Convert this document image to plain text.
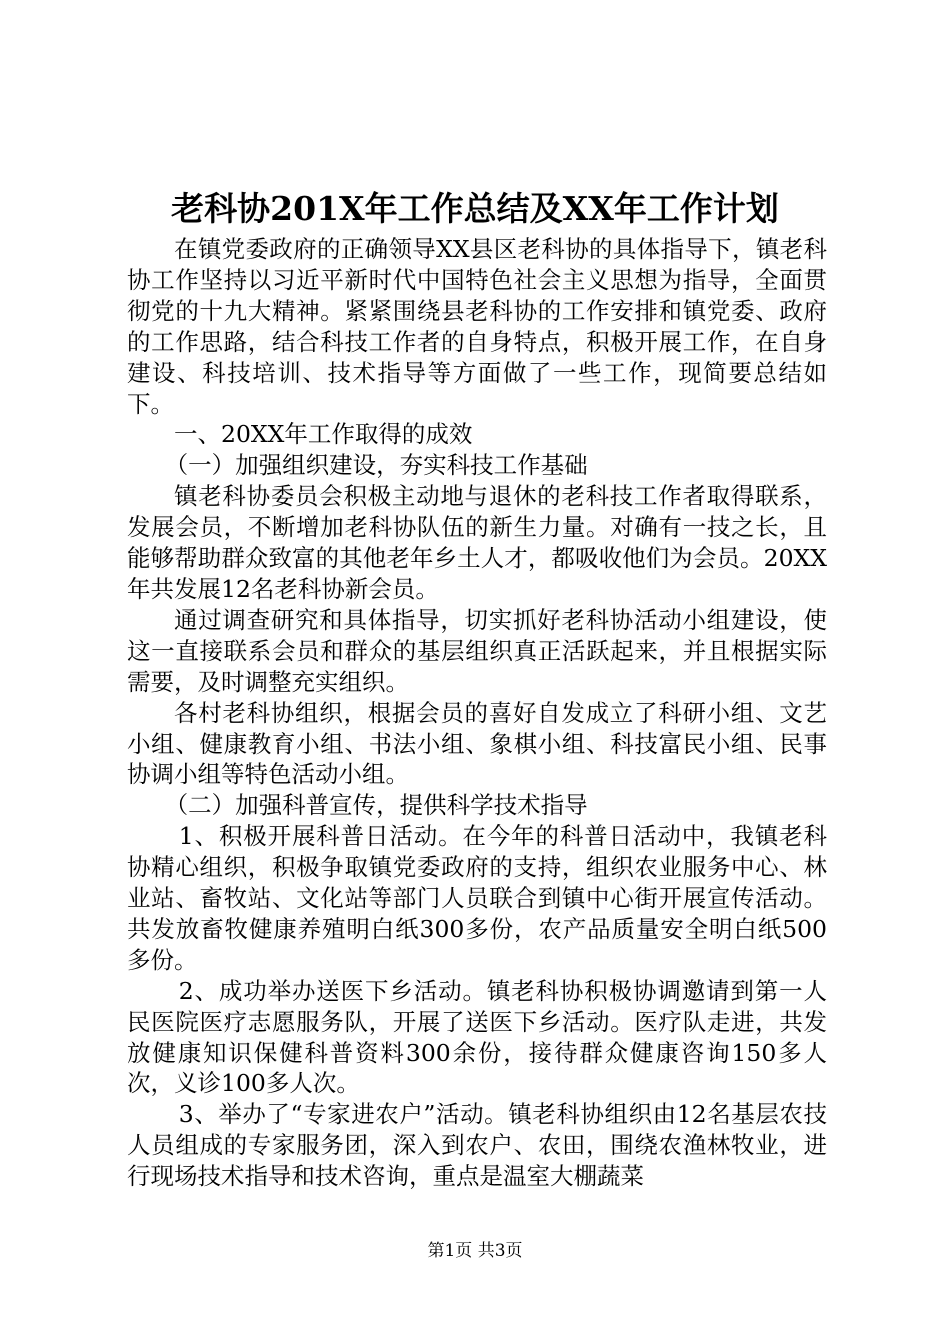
老科协201X年工作总结及XX年工作计划

在镇党委政府的正确领导XX县区老科协的具体指导下，镇老科协工作坚持以习近平新时代中国特色社会主义思想为指导，全面贯彻党的十九大精神。紧紧围绕县老科协的工作安排和镇党委、政府的工作思路，结合科技工作者的自身特点，积极开展工作，在自身建设、科技培训、技术指导等方面做了一些工作，现简要总结如下。

一、20XX年工作取得的成效

（一）加强组织建设，夯实科技工作基础

镇老科协委员会积极主动地与退休的老科技工作者取得联系，发展会员，不断增加老科协队伍的新生力量。对确有一技之长，且能够帮助群众致富的其他老年乡土人才，都吸收他们为会员。20XX年共发展12名老科协新会员。

通过调查研究和具体指导，切实抓好老科协活动小组建设，使这一直接联系会员和群众的基层组织真正活跃起来，并且根据实际需要，及时调整充实组织。

各村老科协组织，根据会员的喜好自发成立了科研小组、文艺小组、健康教育小组、书法小组、象棋小组、科技富民小组、民事协调小组等特色活动小组。

（二）加强科普宣传，提供科学技术指导

1、积极开展科普日活动。在今年的科普日活动中，我镇老科协精心组织，积极争取镇党委政府的支持，组织农业服务中心、林业站、畜牧站、文化站等部门人员联合到镇中心街开展宣传活动。共发放畜牧健康养殖明白纸300多份，农产品质量安全明白纸500多份。

2、成功举办送医下乡活动。镇老科协积极协调邀请到第一人民医院医疗志愿服务队，开展了送医下乡活动。医疗队走进，共发放健康知识保健科普资料300余份，接待群众健康咨询150多人次，义诊100多人次。

3、举办了“专家进农户”活动。镇老科协组织由12名基层农技人员组成的专家服务团，深入到农户、农田，围绕农渔林牧业，进行现场技术指导和技术咨询，重点是温室大棚蔬菜

第1页 共3页
